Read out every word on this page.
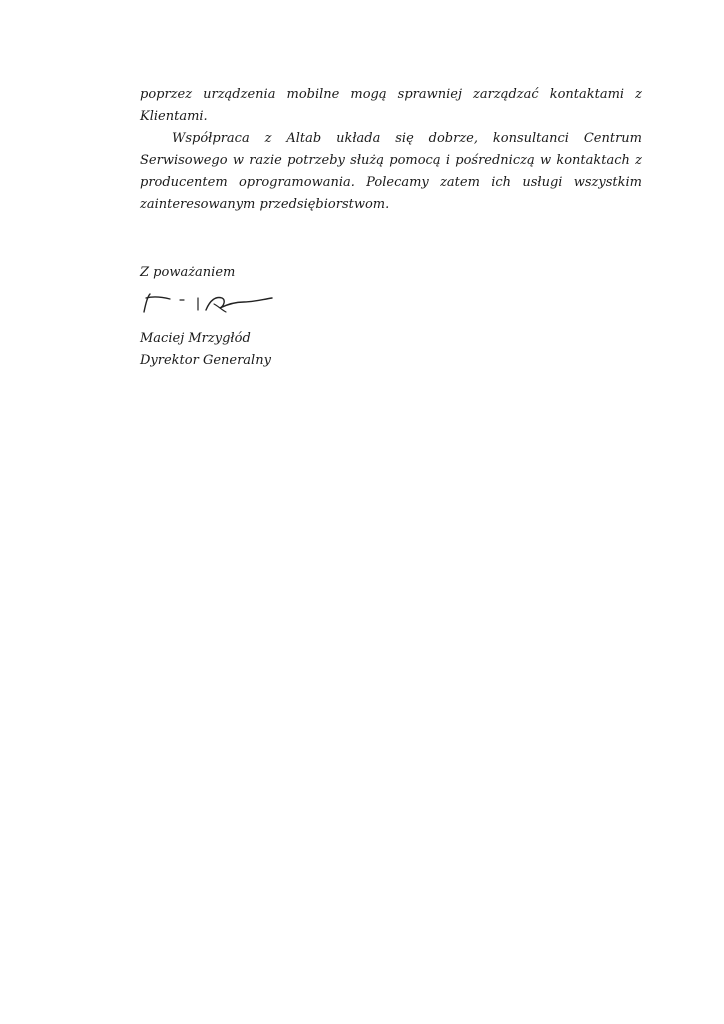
poprzez urządzenia mobilne mogą sprawniej zarządzać kontaktami z Klientami.

Współpraca z Altab układa się dobrze, konsultanci Centrum Serwisowego w razie potrzeby służą pomocą i pośredniczą w kontaktach z producentem oprogramowania. Polecamy zatem ich usługi wszystkim zainteresowanym przedsiębiorstwom.

Z poważaniem
Maciej Mrzygłód
Dyrektor Generalny
